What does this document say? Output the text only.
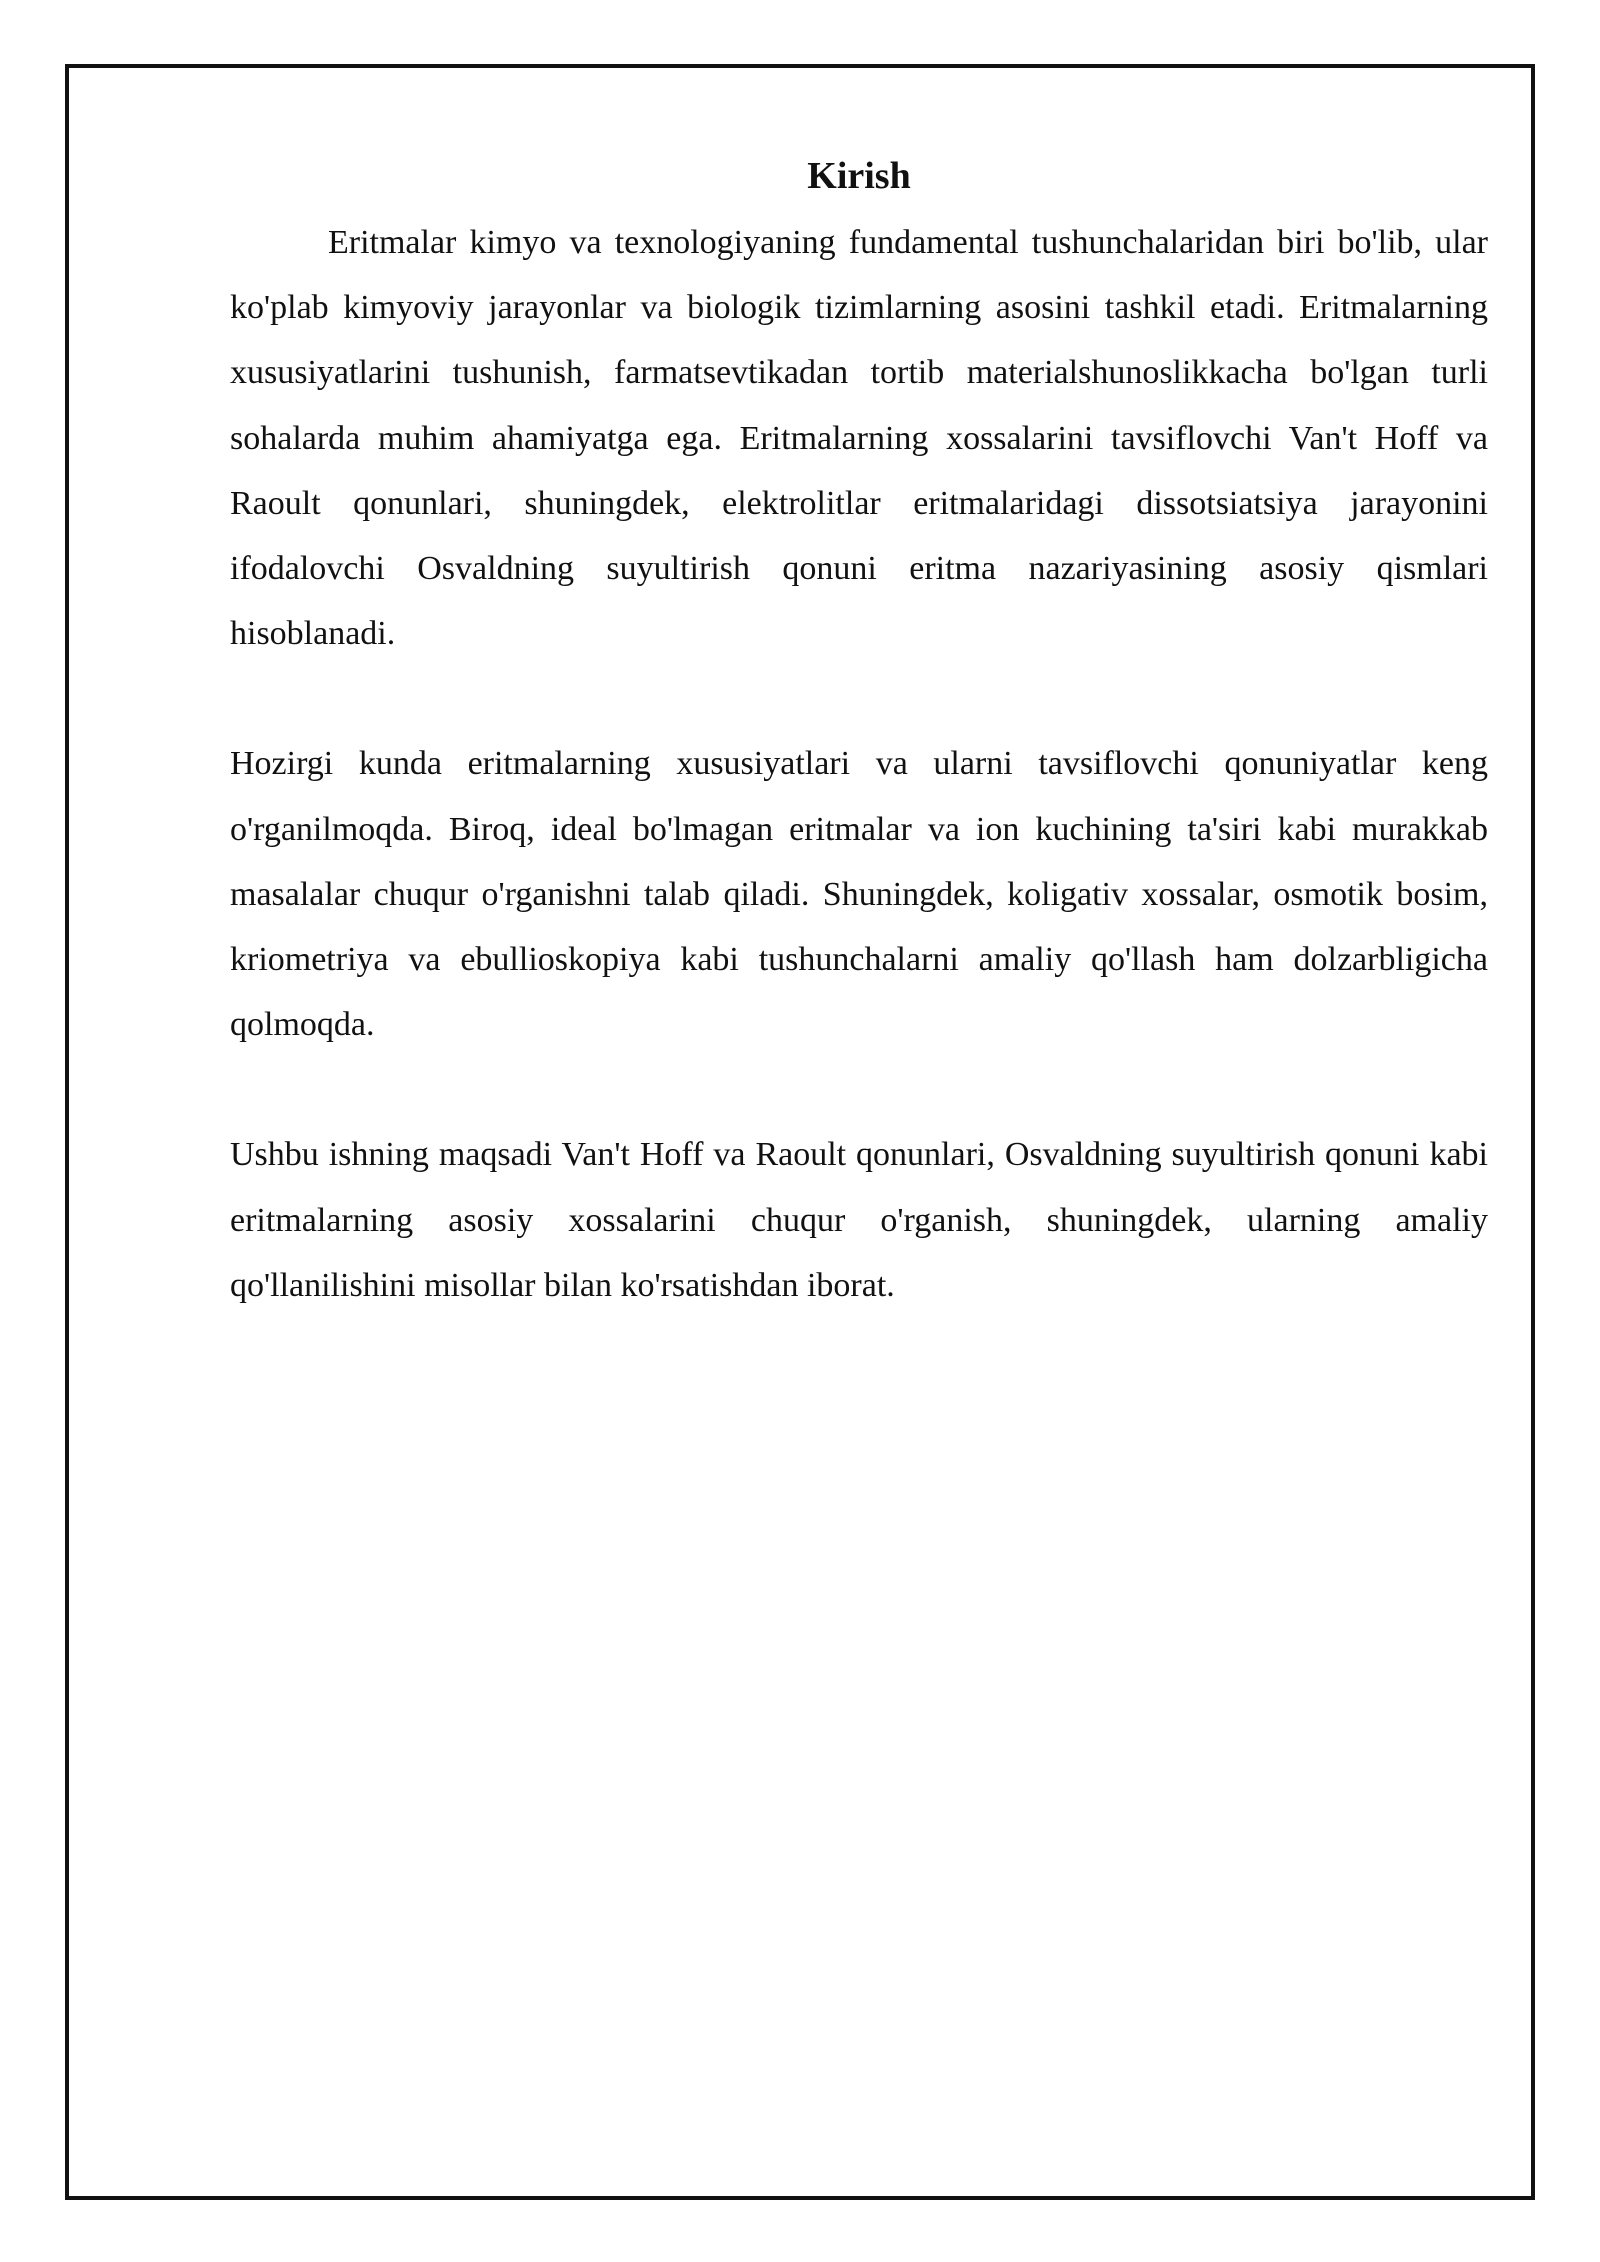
Kirish

Eritmalar kimyo va texnologiyaning fundamental tushunchalaridan biri bo'lib, ular ko'plab kimyoviy jarayonlar va biologik tizimlarning asosini tashkil etadi. Eritmalarning xususiyatlarini tushunish, farmatsevtikadan tortib materialshunoslikkacha bo'lgan turli sohalarda muhim ahamiyatga ega. Eritmalarning xossalarini tavsiflovchi Van't Hoff va Raoult qonunlari, shuningdek, elektrolitlar eritmalaridagi dissotsiatsiya jarayonini ifodalovchi Osvaldning suyultirish qonuni eritma nazariyasining asosiy qismlari hisoblanadi.

Hozirgi kunda eritmalarning xususiyatlari va ularni tavsiflovchi qonuniyatlar keng o'rganilmoqda. Biroq, ideal bo'lmagan eritmalar va ion kuchining ta'siri kabi murakkab masalalar chuqur o'rganishni talab qiladi. Shuningdek, koligativ xossalar, osmotik bosim, kriometriya va ebullioskopiya kabi tushunchalarni amaliy qo'llash ham dolzarbligicha qolmoqda.

Ushbu ishning maqsadi Van't Hoff va Raoult qonunlari, Osvaldning suyultirish qonuni kabi eritmalarning asosiy xossalarini chuqur o'rganish, shuningdek, ularning amaliy qo'llanilishini misollar bilan ko'rsatishdan iborat.
